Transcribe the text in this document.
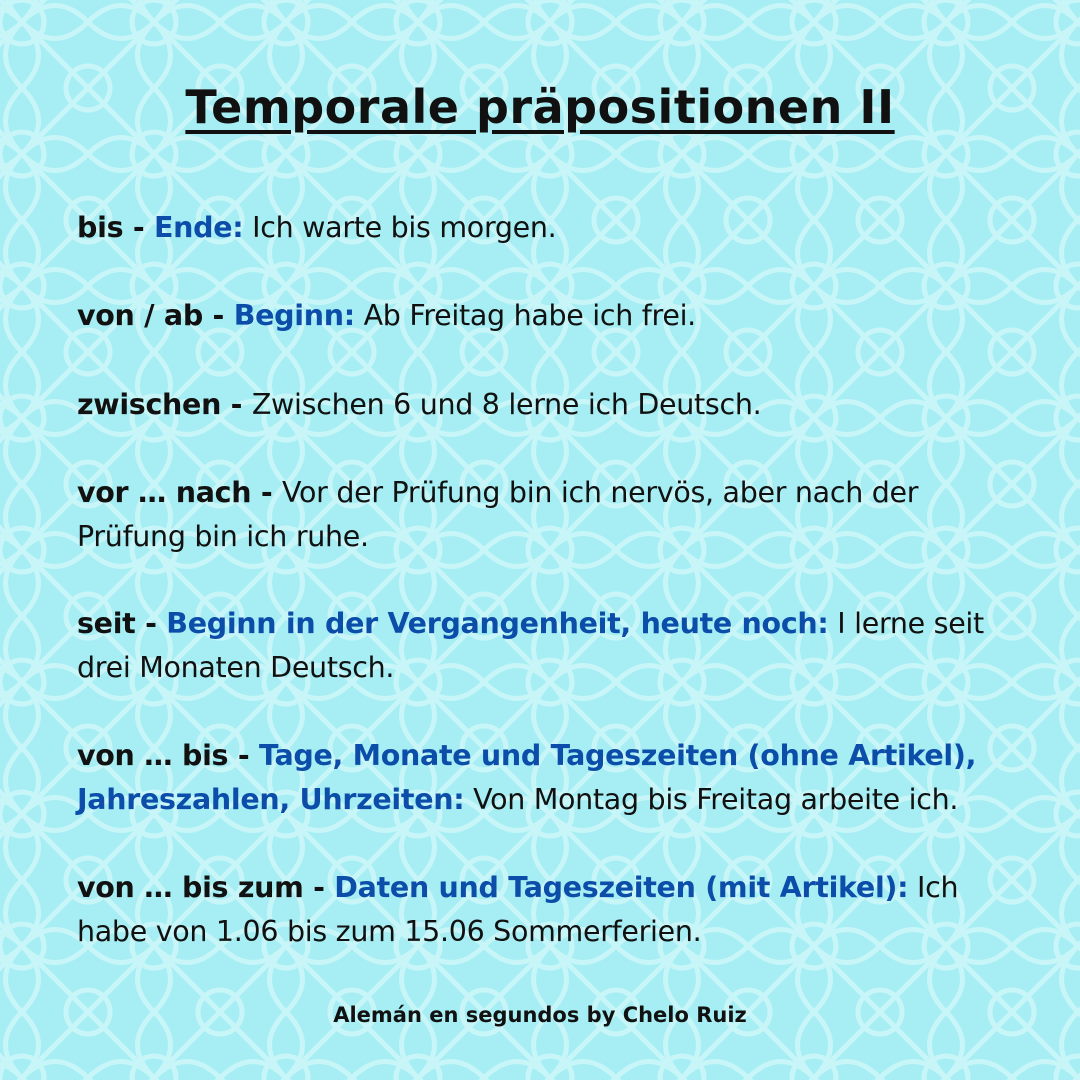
Temporale präpositionen II
bis - Ende: Ich warte bis morgen.
von / ab - Beginn: Ab Freitag habe ich frei.
zwischen - Zwischen 6 und 8 lerne ich Deutsch.
vor … nach - Vor der Prüfung bin ich nervös, aber nach der Prüfung bin ich ruhe.
seit - Beginn in der Vergangenheit, heute noch: I lerne seit drei Monaten Deutsch.
von … bis - Tage, Monate und Tageszeiten (ohne Artikel), Jahreszahlen, Uhrzeiten: Von Montag bis Freitag arbeite ich.
von … bis zum - Daten und Tageszeiten (mit Artikel): Ich habe von 1.06 bis zum 15.06 Sommerferien.
Alemán en segundos by Chelo Ruiz
